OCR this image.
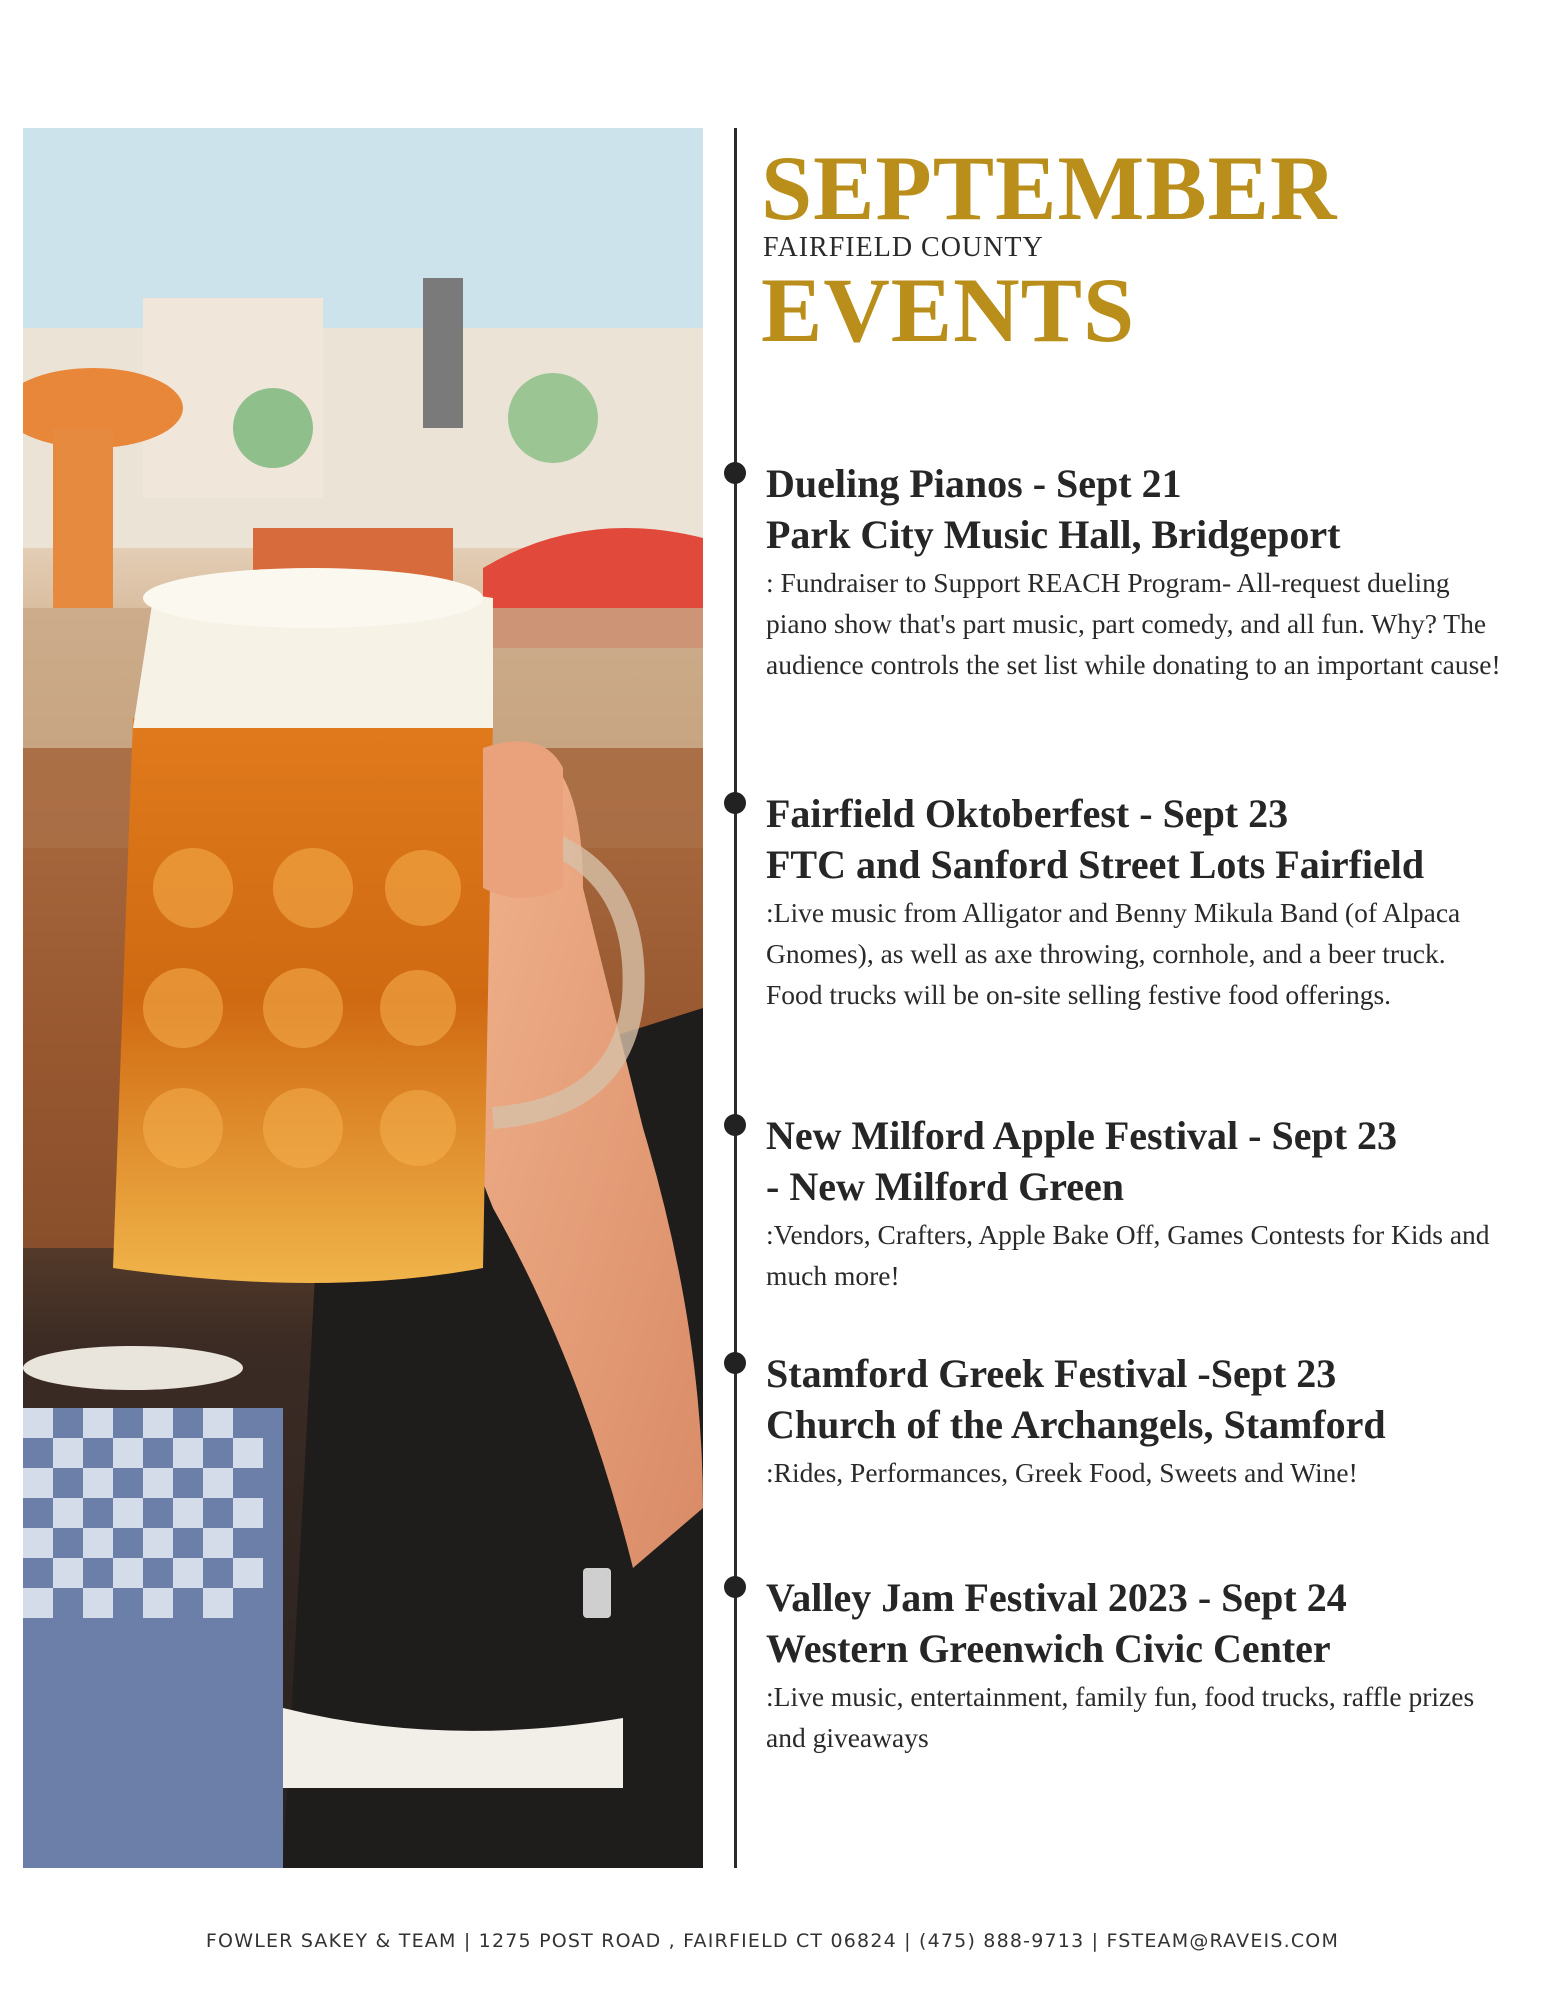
SEPTEMBER
FAIRFIELD COUNTY
EVENTS

Dueling Pianos - Sept 21

Park City Music Hall, Bridgeport

: Fundraiser to Support REACH Program- All-request dueling piano show that's part music, part comedy, and all fun. Why? The audience controls the set list while donating to an important cause!

Fairfield Oktoberfest - Sept 23

FTC and Sanford Street Lots Fairfield

:Live music from Alligator and Benny Mikula Band (of Alpaca Gnomes), as well as axe throwing, cornhole, and a beer truck. Food trucks will be on-site selling festive food offerings.

New Milford Apple Festival - Sept 23

- New Milford Green

:Vendors, Crafters, Apple Bake Off, Games Contests for Kids and much more!

Stamford Greek Festival -Sept 23

Church of the Archangels, Stamford

:Rides, Performances, Greek Food, Sweets and Wine!

Valley Jam Festival 2023 - Sept 24

Western Greenwich Civic Center

:Live music, entertainment, family fun, food trucks, raffle prizes and giveaways

FOWLER SAKEY & TEAM | 1275 POST ROAD , FAIRFIELD CT 06824 | (475) 888-9713 | FSTEAM@RAVEIS.COM
